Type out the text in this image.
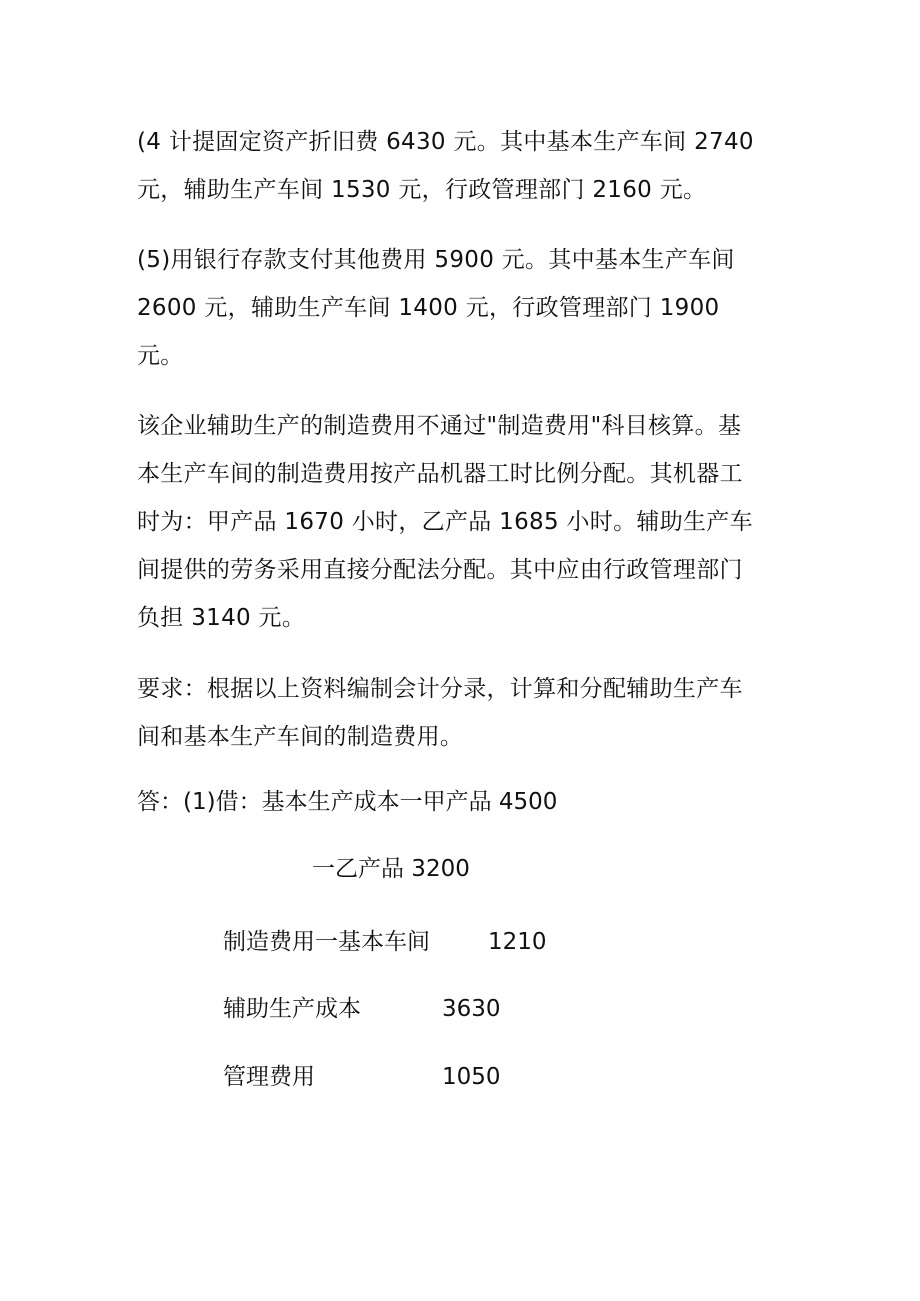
(4 计提固定资产折旧费 6430 元。其中基本生产车间 2740
元，辅助生产车间 1530 元，行政管理部门 2160 元。

(5)用银行存款支付其他费用 5900 元。其中基本生产车间
2600 元，辅助生产车间 1400 元，行政管理部门 1900
元。

该企业辅助生产的制造费用不通过"制造费用"科目核算。基
本生产车间的制造费用按产品机器工时比例分配。其机器工
时为：甲产品 1670 小时，乙产品 1685 小时。辅助生产车
间提供的劳务采用直接分配法分配。其中应由行政管理部门
负担 3140 元。

要求：根据以上资料编制会计分录，计算和分配辅助生产车
间和基本生产车间的制造费用。

答：(1)借：基本生产成本一甲产品 4500

一乙产品 3200

制造费用一基本车间	1210

辅助生产成本	3630

管理费用	1050
